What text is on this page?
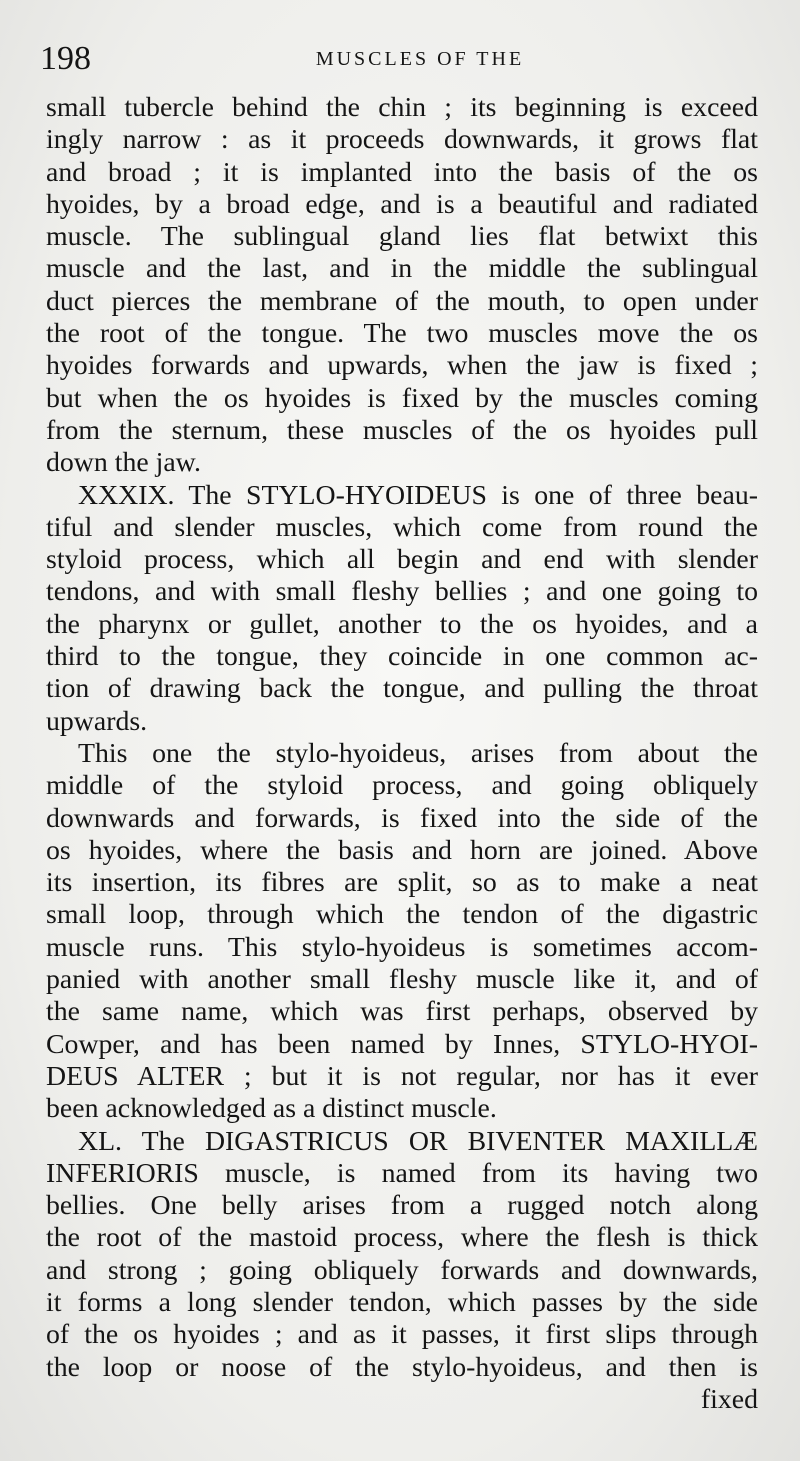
198	MUSCLES OF THE
small tubercle behind the chin ; its beginning is exceed
ingly narrow : as it proceeds downwards, it grows flat
and broad ; it is implanted into the basis of the os
hyoides, by a broad edge, and is a beautiful and radiated
muscle. The sublingual gland lies flat betwixt this
muscle and the last, and in the middle the sublingual
duct pierces the membrane of the mouth, to open under
the root of the tongue. The two muscles move the os
hyoides forwards and upwards, when the jaw is fixed ;
but when the os hyoides is fixed by the muscles coming
from the sternum, these muscles of the os hyoides pull
down the jaw.
XXXIX. The STYLO-HYOIDEUS is one of three beau-
tiful and slender muscles, which come from round the
styloid process, which all begin and end with slender
tendons, and with small fleshy bellies ; and one going to
the pharynx or gullet, another to the os hyoides, and a
third to the tongue, they coincide in one common ac-
tion of drawing back the tongue, and pulling the throat
upwards.
This one the stylo-hyoideus, arises from about the
middle of the styloid process, and going obliquely
downwards and forwards, is fixed into the side of the
os hyoides, where the basis and horn are joined. Above
its insertion, its fibres are split, so as to make a neat
small loop, through which the tendon of the digastric
muscle runs. This stylo-hyoideus is sometimes accom-
panied with another small fleshy muscle like it, and of
the same name, which was first perhaps, observed by
Cowper, and has been named by Innes, STYLO-HYOI-
DEUS ALTER ; but it is not regular, nor has it ever
been acknowledged as a distinct muscle.
XL. The DIGASTRICUS OR BIVENTER MAXILLÆ
INFERIORIS muscle, is named from its having two
bellies. One belly arises from a rugged notch along
the root of the mastoid process, where the flesh is thick
and strong ; going obliquely forwards and downwards,
it forms a long slender tendon, which passes by the side
of the os hyoides ; and as it passes, it first slips through
the loop or noose of the stylo-hyoideus, and then is
fixed
